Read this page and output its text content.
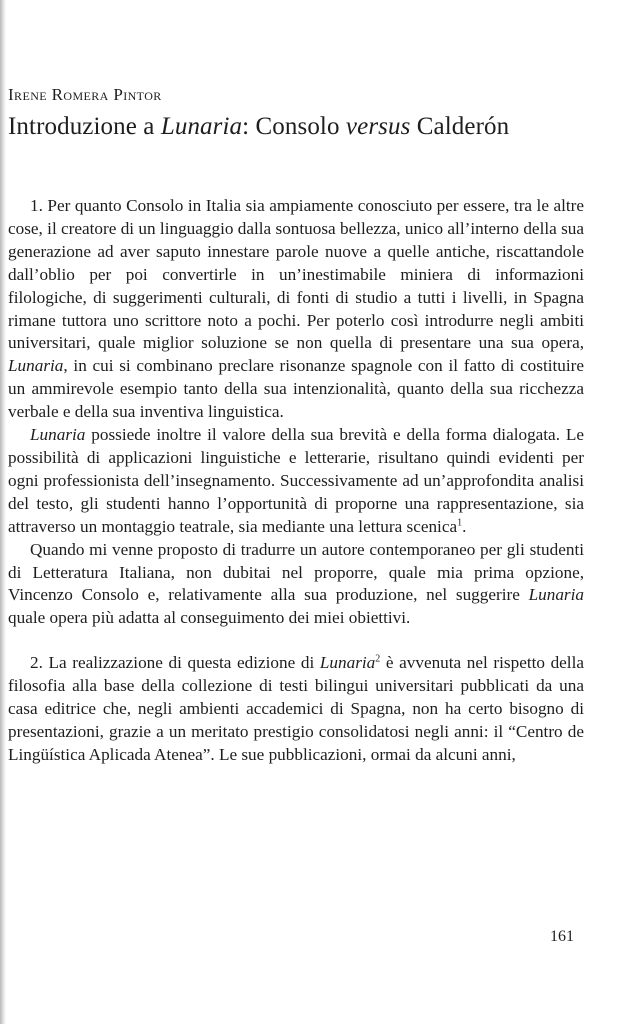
Irene Romera Pintor
Introduzione a Lunaria: Consolo versus Calderón

1. Per quanto Consolo in Italia sia ampiamente conosciuto per essere, tra le altre cose, il creatore di un linguaggio dalla sontuosa bellezza, unico all’interno della sua generazione ad aver saputo innestare parole nuove a quelle antiche, riscattandole dall’oblio per poi convertirle in un’inestimabile miniera di informazioni filologiche, di suggerimenti culturali, di fonti di studio a tutti i livelli, in Spagna rimane tuttora uno scrittore noto a pochi. Per poterlo così introdurre negli ambiti universitari, quale miglior soluzione se non quella di presentare una sua opera, Lunaria, in cui si combinano preclare risonanze spagnole con il fatto di costituire un ammirevole esempio tanto della sua intenzionalità, quanto della sua ricchezza verbale e della sua inventiva linguistica.

Lunaria possiede inoltre il valore della sua brevità e della forma dialogata. Le possibilità di applicazioni linguistiche e letterarie, risultano quindi evidenti per ogni professionista dell’insegnamento. Successivamente ad un’approfondita analisi del testo, gli studenti hanno l’opportunità di proporne una rappresentazione, sia attraverso un montaggio teatrale, sia mediante una lettura scenica$^1$.

Quando mi venne proposto di tradurre un autore contemporaneo per gli studenti di Letteratura Italiana, non dubitai nel proporre, quale mia prima opzione, Vincenzo Consolo e, relativamente alla sua produzione, nel suggerire Lunaria quale opera più adatta al conseguimento dei miei obiettivi.

2. La realizzazione di questa edizione di Lunaria$^2$ è avvenuta nel rispetto della filosofia alla base della collezione di testi bilingui universitari pubblicati da una casa editrice che, negli ambienti accademici di Spagna, non ha certo bisogno di presentazioni, grazie a un meritato prestigio consolidatosi negli anni: il “Centro de Lingüística Aplicada Atenea”. Le sue pubblicazioni, ormai da alcuni anni,

161
